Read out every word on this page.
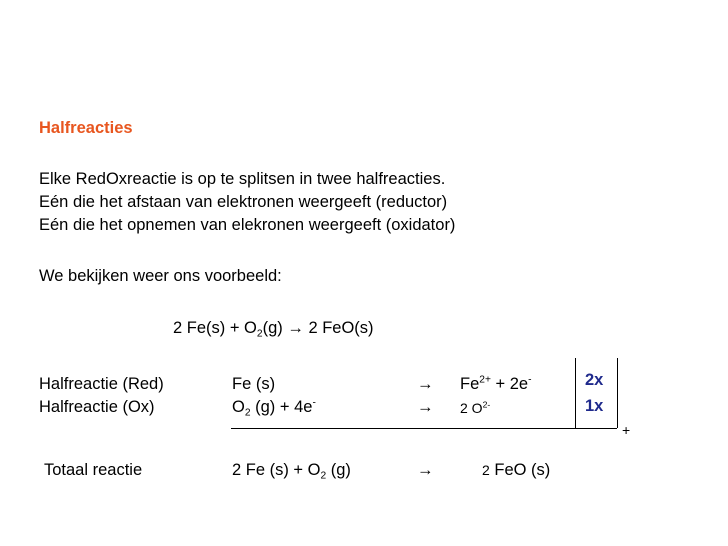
Halfreacties
Elke RedOxreactie is op te splitsen in twee halfreacties.
Eén die het afstaan van elektronen weergeeft (reductor)
Eén die het opnemen van elekronen weergeeft (oxidator)
We bekijken weer ons voorbeeld:
2 $Fe(s) + O_2(g) \to 2$ FeO(s)
Halfreactie (Red)	Fe (s)	→ $Fe^{2+} + 2e^-$	2x
Halfreactie (Ox)	$O_2$ (g) + 4e-	→ 2 $O^{2-}$	1x
+
Totaal reactie	2 Fe $(s) + O_2$ (g)	→	2 FeO (s)
